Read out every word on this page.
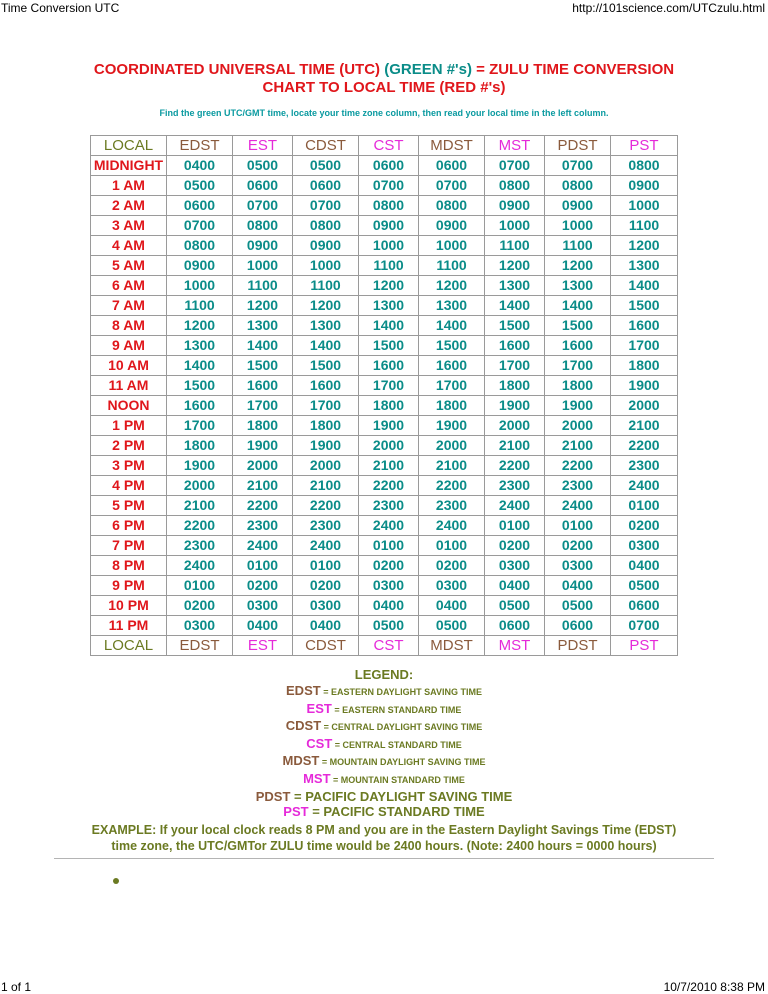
Time Conversion UTC	http://101science.com/UTCzulu.html
COORDINATED UNIVERSAL TIME (UTC) (GREEN #'s) = ZULU TIME CONVERSION
CHART TO LOCAL TIME (RED #'s)
Find the green UTC/GMT time, locate your time zone column, then read your local time in the left column.
LOCAL	EDST	EST	CDST	CST	MDST	MST	PDST	PST
MIDNIGHT	0400	0500	0500	0600	0600	0700	0700	0800
1 AM	0500	0600	0600	0700	0700	0800	0800	0900
2 AM	0600	0700	0700	0800	0800	0900	0900	1000
3 AM	0700	0800	0800	0900	0900	1000	1000	1100
4 AM	0800	0900	0900	1000	1000	1100	1100	1200
5 AM	0900	1000	1000	1100	1100	1200	1200	1300
6 AM	1000	1100	1100	1200	1200	1300	1300	1400
7 AM	1100	1200	1200	1300	1300	1400	1400	1500
8 AM	1200	1300	1300	1400	1400	1500	1500	1600
9 AM	1300	1400	1400	1500	1500	1600	1600	1700
10 AM	1400	1500	1500	1600	1600	1700	1700	1800
11 AM	1500	1600	1600	1700	1700	1800	1800	1900
NOON	1600	1700	1700	1800	1800	1900	1900	2000
1 PM	1700	1800	1800	1900	1900	2000	2000	2100
2 PM	1800	1900	1900	2000	2000	2100	2100	2200
3 PM	1900	2000	2000	2100	2100	2200	2200	2300
4 PM	2000	2100	2100	2200	2200	2300	2300	2400
5 PM	2100	2200	2200	2300	2300	2400	2400	0100
6 PM	2200	2300	2300	2400	2400	0100	0100	0200
7 PM	2300	2400	2400	0100	0100	0200	0200	0300
8 PM	2400	0100	0100	0200	0200	0300	0300	0400
9 PM	0100	0200	0200	0300	0300	0400	0400	0500
10 PM	0200	0300	0300	0400	0400	0500	0500	0600
11 PM	0300	0400	0400	0500	0500	0600	0600	0700
LOCAL	EDST	EST	CDST	CST	MDST	MST	PDST	PST
LEGEND:
EDST = EASTERN DAYLIGHT SAVING TIME
EST = EASTERN STANDARD TIME
CDST = CENTRAL DAYLIGHT SAVING TIME
CST = CENTRAL STANDARD TIME
MDST = MOUNTAIN DAYLIGHT SAVING TIME
MST = MOUNTAIN STANDARD TIME
PDST = PACIFIC DAYLIGHT SAVING TIME
PST = PACIFIC STANDARD TIME
EXAMPLE: If your local clock reads 8 PM and you are in the Eastern Daylight Savings Time (EDST)
time zone, the UTC/GMTor ZULU time would be 2400 hours. (Note: 2400 hours = 0000 hours)
1 of 1	10/7/2010 8:38 PM
